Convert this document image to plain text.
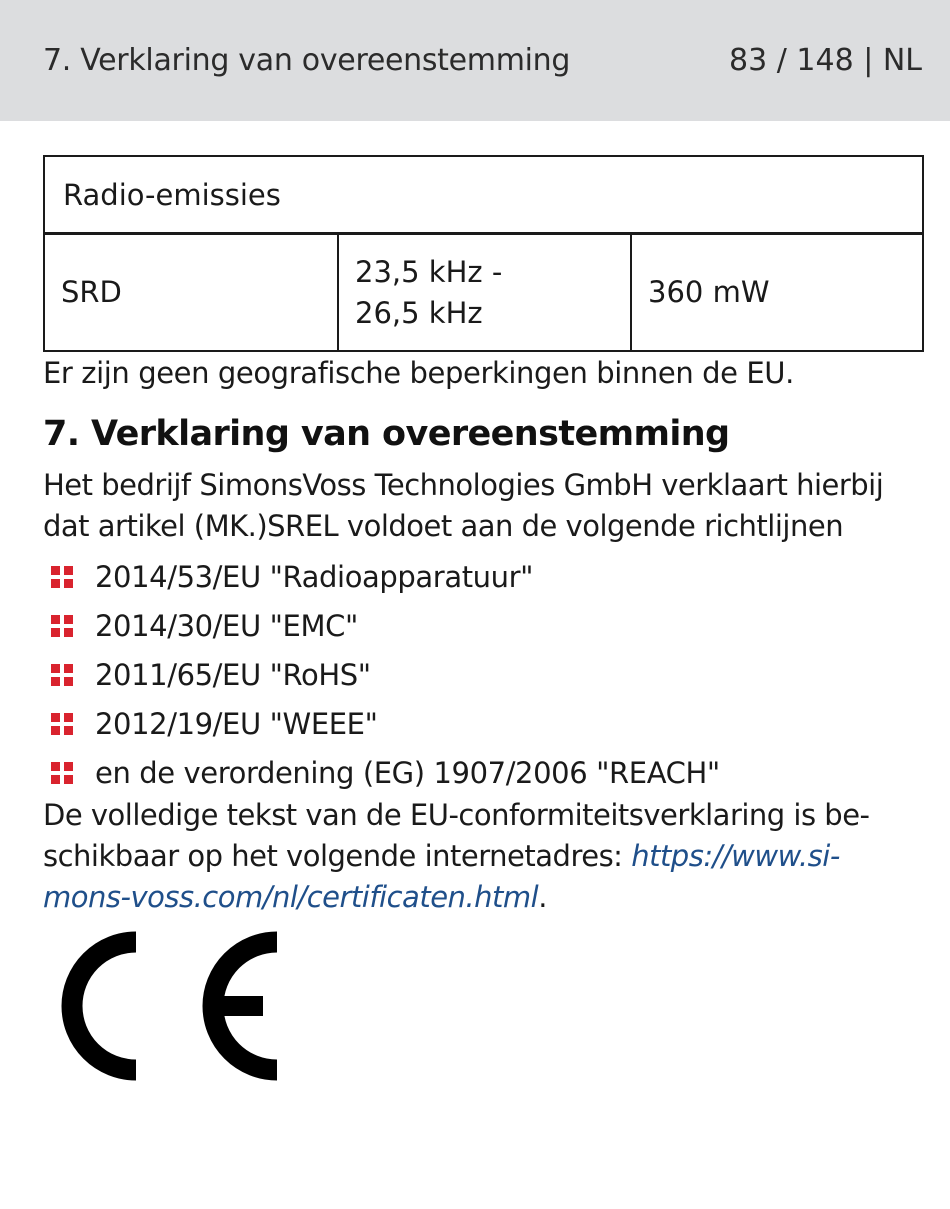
7. Verklaring van overeenstemming	83 / 148 | NL
Radio-emissies
SRD
23,5 kHz -
26,5 kHz
360 mW
Er zijn geen geografische beperkingen binnen de EU.
7. Verklaring van overeenstemming
Het bedrijf SimonsVoss Technologies GmbH verklaart hierbij
dat artikel (MK.)SREL voldoet aan de volgende richtlijnen
2014/53/EU "Radioapparatuur"
2014/30/EU "EMC"
2011/65/EU "RoHS"
2012/19/EU "WEEE"
en de verordening (EG) 1907/2006 "REACH"
De volledige tekst van de EU-conformiteitsverklaring is be-
schikbaar op het volgende internetadres: https://www.si-
mons-voss.com/nl/certificaten.html.
